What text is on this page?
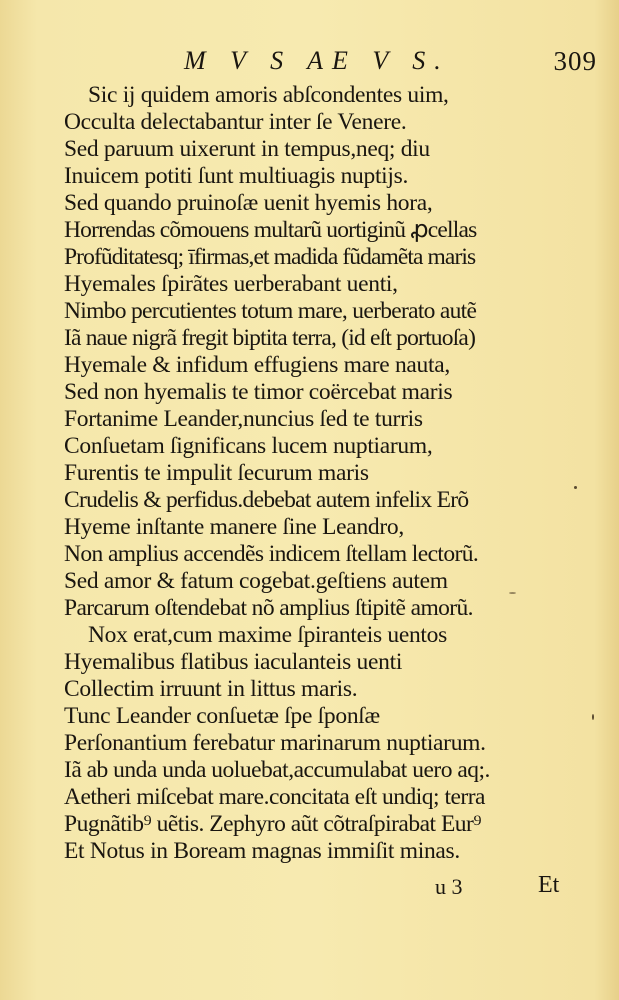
M V S AE V S.	309
Sic ij quidem amoris abſcondentes uim,
Occulta delectabantur inter ſe Venere.
Sed paruum uixerunt in tempus,neq; diu
Inuicem potiti ſunt multiuagis nuptijs.
Sed quando pruinoſæ uenit hyemis hora,
Horrendas cõmouens multarũ uortiginũ ꝓcellas
Profũditatesq; īfirmas,et madida fũdamẽta maris
Hyemales ſpirãtes uerberabant uenti,
Nimbo percutientes totum mare, uerberato autẽ
Iã naue nigrã fregit biptita terra, (id eſt portuoſa)
Hyemale & infidum effugiens mare nauta,
Sed non hyemalis te timor coërcebat maris
Fortanime Leander,nuncius ſed te turris
Conſuetam ſignificans lucem nuptiarum,
Furentis te impulit ſecurum maris
Crudelis & perfidus.debebat autem infelix Erõ
Hyeme inſtante manere ſine Leandro,
Non amplius accendẽs indicem ſtellam lectorũ.
Sed amor & fatum cogebat.geſtiens autem
Parcarum oſtendebat nõ amplius ſtipitẽ amorũ.
Nox erat,cum maxime ſpiranteis uentos
Hyemalibus flatibus iaculanteis uenti
Collectim irruunt in littus maris.
Tunc Leander conſuetæ ſpe ſponſæ
Perſonantium ferebatur marinarum nuptiarum.
Iã ab unda unda uoluebat,accumulabat uero aq;.
Aetheri miſcebat mare.concitata eſt undiq; terra
Pugnãtib⁹ uẽtis. Zephyro aũt cõtraſpirabat Eur⁹
Et Notus in Boream magnas immiſit minas.
u 3	Et
